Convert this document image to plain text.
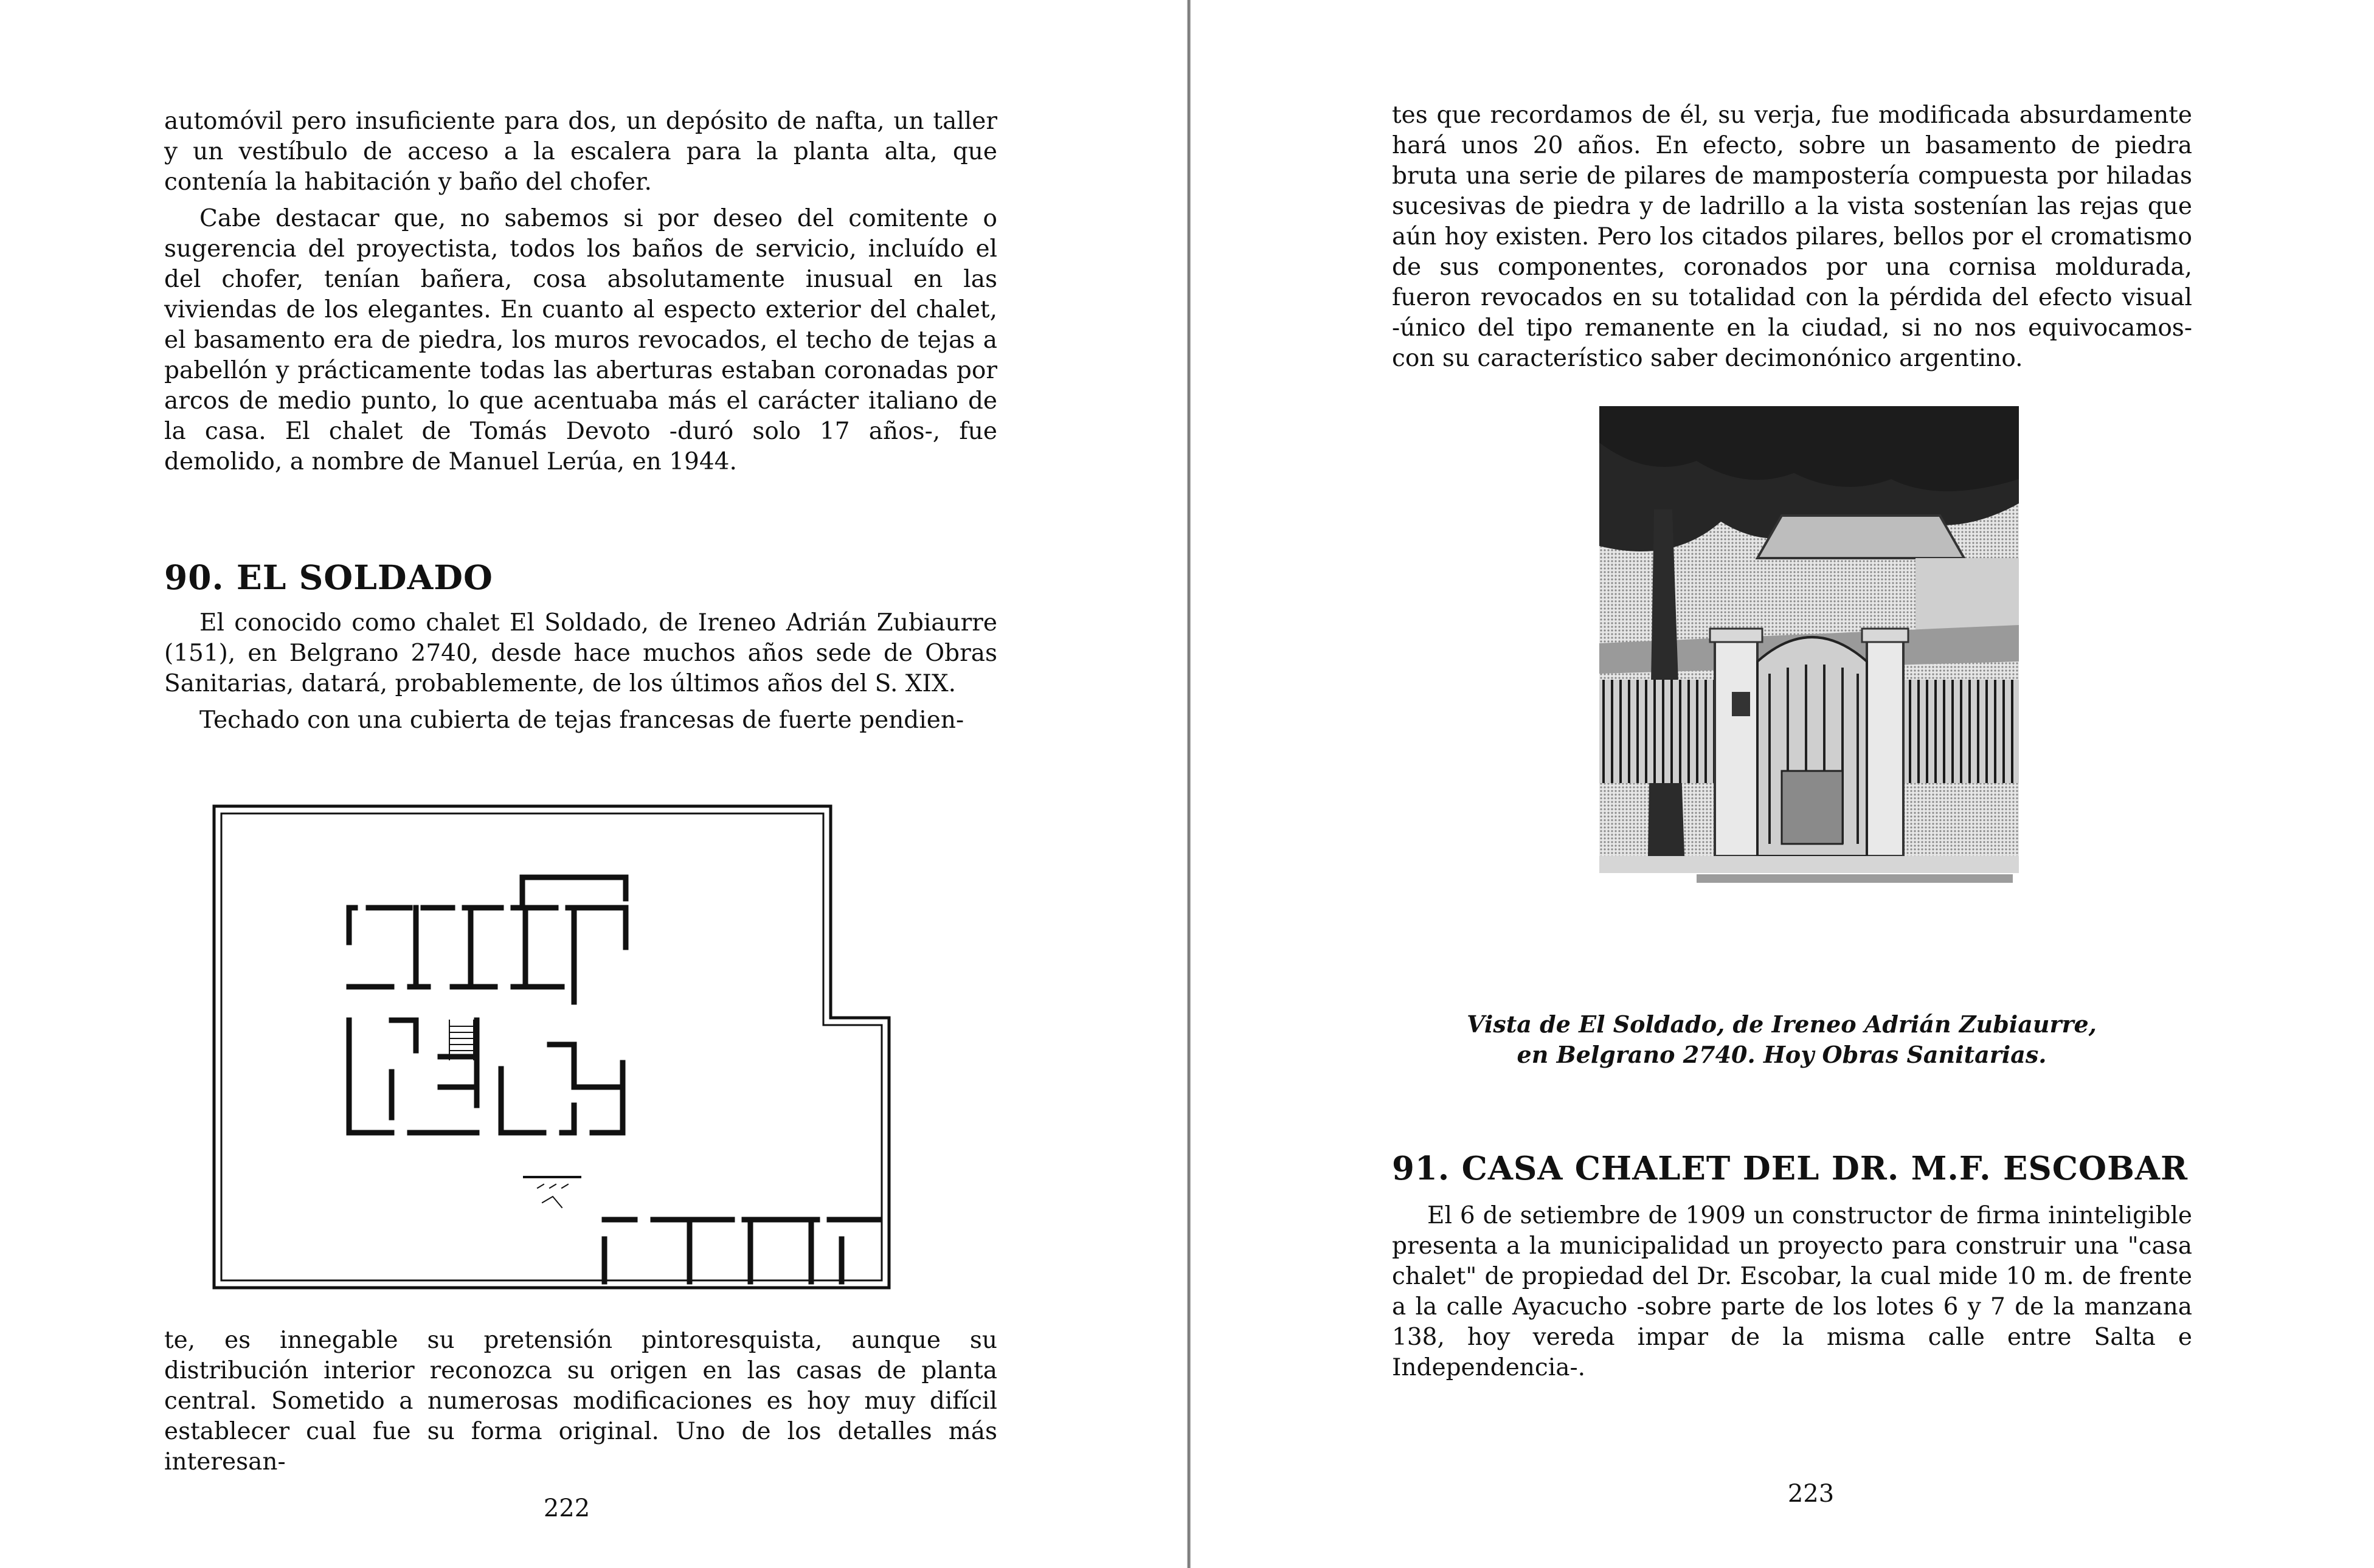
automóvil pero insuficiente para dos, un depósito de nafta, un taller y un vestíbulo de acceso a la escalera para la planta alta, que contenía la habitación y baño del chofer.

Cabe destacar que, no sabemos si por deseo del comitente o sugerencia del proyectista, todos los baños de servicio, incluído el del chofer, tenían bañera, cosa absolutamente inusual en las viviendas de los elegantes. En cuanto al especto exterior del chalet, el basamento era de piedra, los muros revocados, el techo de tejas a pabellón y prácticamente todas las aberturas estaban coronadas por arcos de medio punto, lo que acentuaba más el carácter italiano de la casa. El chalet de Tomás Devoto -duró solo 17 años-, fue demolido, a nombre de Manuel Lerúa, en 1944.

90. EL SOLDADO

El conocido como chalet El Soldado, de Ireneo Adrián Zubiaurre (151), en Belgrano 2740, desde hace muchos años sede de Obras Sanitarias, datará, probablemente, de los últimos años del S. XIX.

Techado con una cubierta de tejas francesas de fuerte pendien-

te, es innegable su pretensión pintoresquista, aunque su distribución interior reconozca su origen en las casas de planta central. Sometido a numerosas modificaciones es hoy muy difícil establecer cual fue su forma original. Uno de los detalles más interesan-

222

tes que recordamos de él, su verja, fue modificada absurdamente hará unos 20 años. En efecto, sobre un basamento de piedra bruta una serie de pilares de mampostería compuesta por hiladas sucesivas de piedra y de ladrillo a la vista sostenían las rejas que aún hoy existen. Pero los citados pilares, bellos por el cromatismo de sus componentes, coronados por una cornisa moldurada, fueron revocados en su totalidad con la pérdida del efecto visual -único del tipo remanente en la ciudad, si no nos equivocamos- con su característico saber decimonónico argentino.

Vista de El Soldado, de Ireneo Adrián Zubiaurre,
en Belgrano 2740. Hoy Obras Sanitarias.

91. CASA CHALET DEL DR. M.F. ESCOBAR

El 6 de setiembre de 1909 un constructor de firma ininteligible presenta a la municipalidad un proyecto para construir una "casa chalet" de propiedad del Dr. Escobar, la cual mide 10 m. de frente a la calle Ayacucho -sobre parte de los lotes 6 y 7 de la manzana 138, hoy vereda impar de la misma calle entre Salta e Independencia-.

223
